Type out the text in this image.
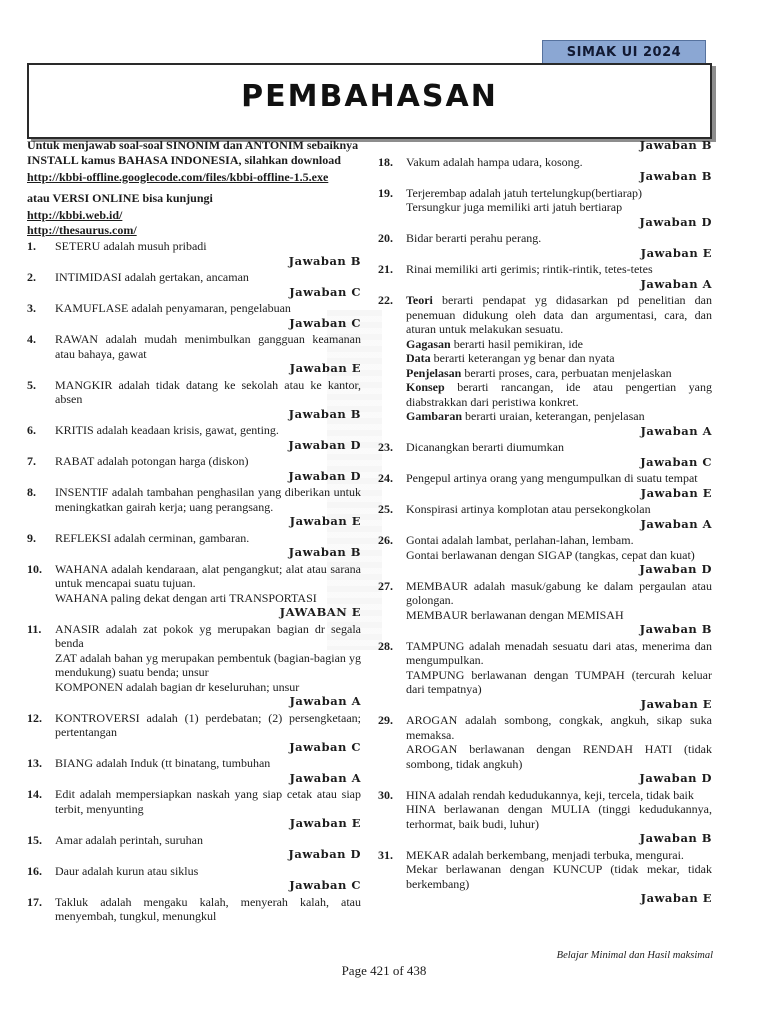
SIMAK UI 2024
PEMBAHASAN

Untuk menjawab soal-soal SINONIM dan ANTONIM sebaiknya INSTALL kamus BAHASA INDONESIA, silahkan download

http://kbbi-offline.googlecode.com/files/kbbi-offline-1.5.exe

atau VERSI ONLINE bisa kunjungi

http://kbbi.web.id/
http://thesaurus.com/
1. SETERU adalah musuh pribadi
Jawaban B
2. INTIMIDASI adalah gertakan, ancaman
Jawaban C
3. KAMUFLASE adalah penyamaran, pengelabuan
Jawaban C
4. RAWAN adalah mudah menimbulkan gangguan keamanan atau bahaya, gawat
Jawaban E
5. MANGKIR adalah tidak datang ke sekolah atau ke kantor, absen
Jawaban B
6. KRITIS adalah keadaan krisis, gawat, genting.
Jawaban D
7. RABAT adalah potongan harga (diskon)
Jawaban D
8. INSENTIF adalah tambahan penghasilan yang diberikan untuk meningkatkan gairah kerja; uang perangsang.
Jawaban E
9. REFLEKSI adalah cerminan, gambaran.
Jawaban B
10. WAHANA adalah kendaraan, alat pengangkut; alat atau sarana untuk mencapai suatu tujuan.
WAHANA paling dekat dengan arti TRANSPORTASI
JAWABAN E
11. ANASIR adalah zat pokok yg merupakan bagian dr segala benda
ZAT adalah bahan yg merupakan pembentuk (bagian-bagian yg mendukung) suatu benda; unsur
KOMPONEN adalah bagian dr keseluruhan; unsur
Jawaban A
12. KONTROVERSI adalah (1) perdebatan; (2) persengketaan; pertentangan
Jawaban C
13. BIANG adalah Induk (tt binatang, tumbuhan
Jawaban A
14. Edit adalah mempersiapkan naskah yang siap cetak atau siap terbit, menyunting
Jawaban E
15. Amar adalah perintah, suruhan
Jawaban D
16. Daur adalah kurun atau siklus
Jawaban C
17. Takluk adalah mengaku kalah, menyerah kalah, atau menyembah, tungkul, menungkul
Jawaban B
18. Vakum adalah hampa udara, kosong.
Jawaban B
19. Terjerembap adalah jatuh tertelungkup(bertiarap)
Tersungkur juga memiliki arti jatuh bertiarap
Jawaban D
20. Bidar berarti perahu perang.
Jawaban E
21. Rinai memiliki arti gerimis; rintik-rintik, tetes-tetes
Jawaban A
22. Teori berarti pendapat yg didasarkan pd penelitian dan penemuan didukung oleh data dan argumentasi, cara, dan aturan untuk melakukan sesuatu.
Gagasan berarti hasil pemikiran, ide
Data berarti keterangan yg benar dan nyata
Penjelasan berarti proses, cara, perbuatan menjelaskan
Konsep berarti rancangan, ide atau pengertian yang diabstrakkan dari peristiwa konkret.
Gambaran berarti uraian, keterangan, penjelasan
Jawaban A
23. Dicanangkan berarti diumumkan
Jawaban C
24. Pengepul artinya orang yang mengumpulkan di suatu tempat
Jawaban E
25. Konspirasi artinya komplotan atau persekongkolan
Jawaban A
26. Gontai adalah lambat, perlahan-lahan, lembam.
Gontai berlawanan dengan SIGAP (tangkas, cepat dan kuat)
Jawaban D
27. MEMBAUR adalah masuk/gabung ke dalam pergaulan atau golongan.
MEMBAUR berlawanan dengan MEMISAH
Jawaban B
28. TAMPUNG adalah menadah sesuatu dari atas, menerima dan mengumpulkan.
TAMPUNG berlawanan dengan TUMPAH (tercurah keluar dari tempatnya)
Jawaban E
29. AROGAN adalah sombong, congkak, angkuh, sikap suka memaksa.
AROGAN berlawanan dengan RENDAH HATI (tidak sombong, tidak angkuh)
Jawaban D
30. HINA adalah rendah kedudukannya, keji, tercela, tidak baik
HINA berlawanan dengan MULIA (tinggi kedudukannya, terhormat, baik budi, luhur)
Jawaban B
31. MEKAR adalah berkembang, menjadi terbuka, mengurai.
Mekar berlawanan dengan KUNCUP (tidak mekar, tidak berkembang)
Jawaban E
Belajar Minimal dan Hasil maksimal
Page 421 of 438
